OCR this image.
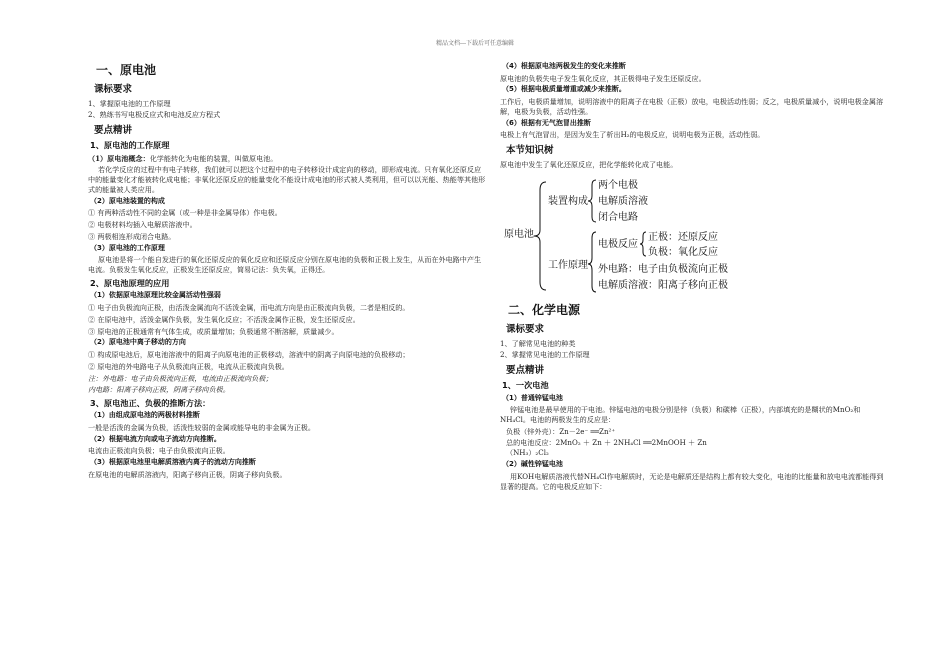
精品文档---下载后可任意编辑
一、原电池
课标要求
1、掌握原电池的工作原理
2、熟练书写电极反应式和电池反应方程式
要点精讲
1、原电池的工作原理
（1）原电池概念：化学能转化为电能的装置，叫做原电池。
若化学反应的过程中有电子转移，我们就可以把这个过程中的电子转移设计成定向的移动，即形成电流。只有氧化还原反应中的能量变化才能被转化成电能；非氧化还原反应的能量变化不能设计成电池的形式被人类利用，但可以以光能、热能等其他形式的能量被人类应用。
（2）原电池装置的构成
① 有两种活动性不同的金属（或一种是非金属导体）作电极。
② 电极材料均插入电解质溶液中。
③ 两极相连形成闭合电路。
（3）原电池的工作原理
原电池是将一个能自发进行的氧化还原反应的氧化反应和还原反应分别在原电池的负极和正极上发生，从而在外电路中产生电流。负极发生氧化反应，正极发生还原反应，简易记法：负失氧，正得还。
2、原电池原理的应用
（1）依据原电池原理比较金属活动性强弱
① 电子由负极流向正极，由活泼金属流向不活泼金属，而电流方向是由正极流向负极，二者是相反的。
② 在原电池中，活泼金属作负极，发生氧化反应；不活泼金属作正极，发生还原反应。
③ 原电池的正极通常有气体生成，或质量增加；负极通常不断溶解，质量减少。
（2）原电池中离子移动的方向
① 构成原电池后，原电池溶液中的阳离子向原电池的正极移动，溶液中的阴离子向原电池的负极移动；
② 原电池的外电路电子从负极流向正极，电流从正极流向负极。
注：外电路：电子由负极流向正极，电流由正极流向负极；
内电路：阳离子移向正极，阴离子移向负极。
3、原电池正、负极的推断方法：
（1）由组成原电池的两极材料推断
一般是活泼的金属为负极，活泼性较弱的金属或能导电的非金属为正极。
（2）根据电流方向或电子流动方向推断。
电流由正极流向负极；电子由负极流向正极。
（3）根据原电池里电解质溶液内离子的流动方向推断
在原电池的电解质溶液内，阳离子移向正极，阴离子移向负极。
（4）根据原电池两极发生的变化来推断
原电池的负极失电子发生氧化反应，其正极得电子发生还原反应。
（5）根据电极质量增重或减少来推断。
工作后，电极质量增加，说明溶液中的阳离子在电极（正极）放电，电极活动性弱；反之，电极质量减小，说明电极金属溶解，电极为负极，活动性强。
（6）根据有无气泡冒出推断
电极上有气泡冒出，是因为发生了析出H₂的电极反应，说明电极为正极，活动性弱。
本节知识树
原电池中发生了氧化还原反应，把化学能转化成了电能。
原电池
装置构成
两个电极
电解质溶液
闭合电路
工作原理
电极反应
正极：还原反应
负极：氧化反应
外电路：电子由负极流向正极
电解质溶液：阳离子移向正极
二、化学电源
课标要求
1、了解常见电池的种类
2、掌握常见电池的工作原理
要点精讲
1、一次电池
（1）普通锌锰电池
锌锰电池是最早使用的干电池。锌锰电池的电极分别是锌（负极）和碳棒（正极），内部填充的是糊状的MnO₂和NH₄Cl。电池的两极发生的反应是：
负极（锌外壳）：Zn－2e⁻ ══Zn²⁺
总的电池反应：2MnO₂ ＋ Zn ＋ 2NH₄Cl ══2MnOOH ＋ Zn
（NH₃）₂Cl₂
（2）碱性锌锰电池
用KOH电解质溶液代替NH₄Cl作电解质时，无论是电解质还是结构上都有较大变化，电池的比能量和放电电流都能得到显著的提高。它的电极反应如下：
